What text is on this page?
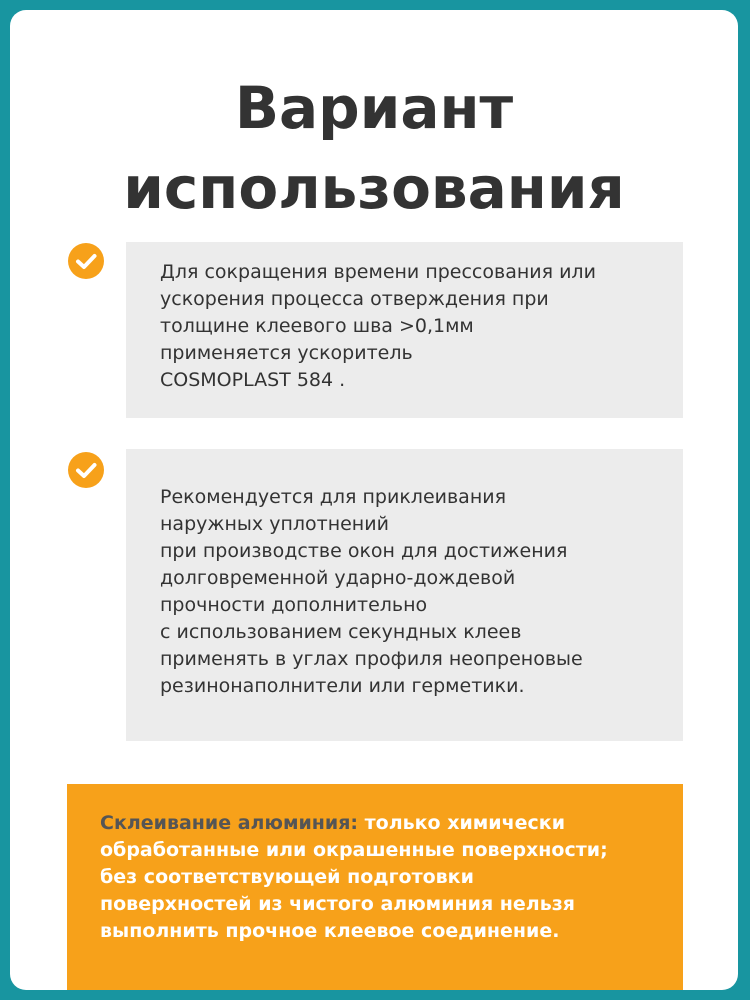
Вариант
использования
Для сокращения времени прессования или
ускорения процесса отверждения при
толщине клеевого шва >0,1мм
применяется ускоритель
COSMOPLAST 584 .
Рекомендуется для приклеивания
наружных уплотнений
при производстве окон для достижения
долговременной ударно-дождевой
прочности дополнительно
с использованием секундных клеев
применять в углах профиля неопреновые
резинонаполнители или герметики.
Склеивание алюминия: только химически
обработанные или окрашенные поверхности;
без соответствующей подготовки
поверхностей из чистого алюминия нельзя
выполнить прочное клеевое соединение.
